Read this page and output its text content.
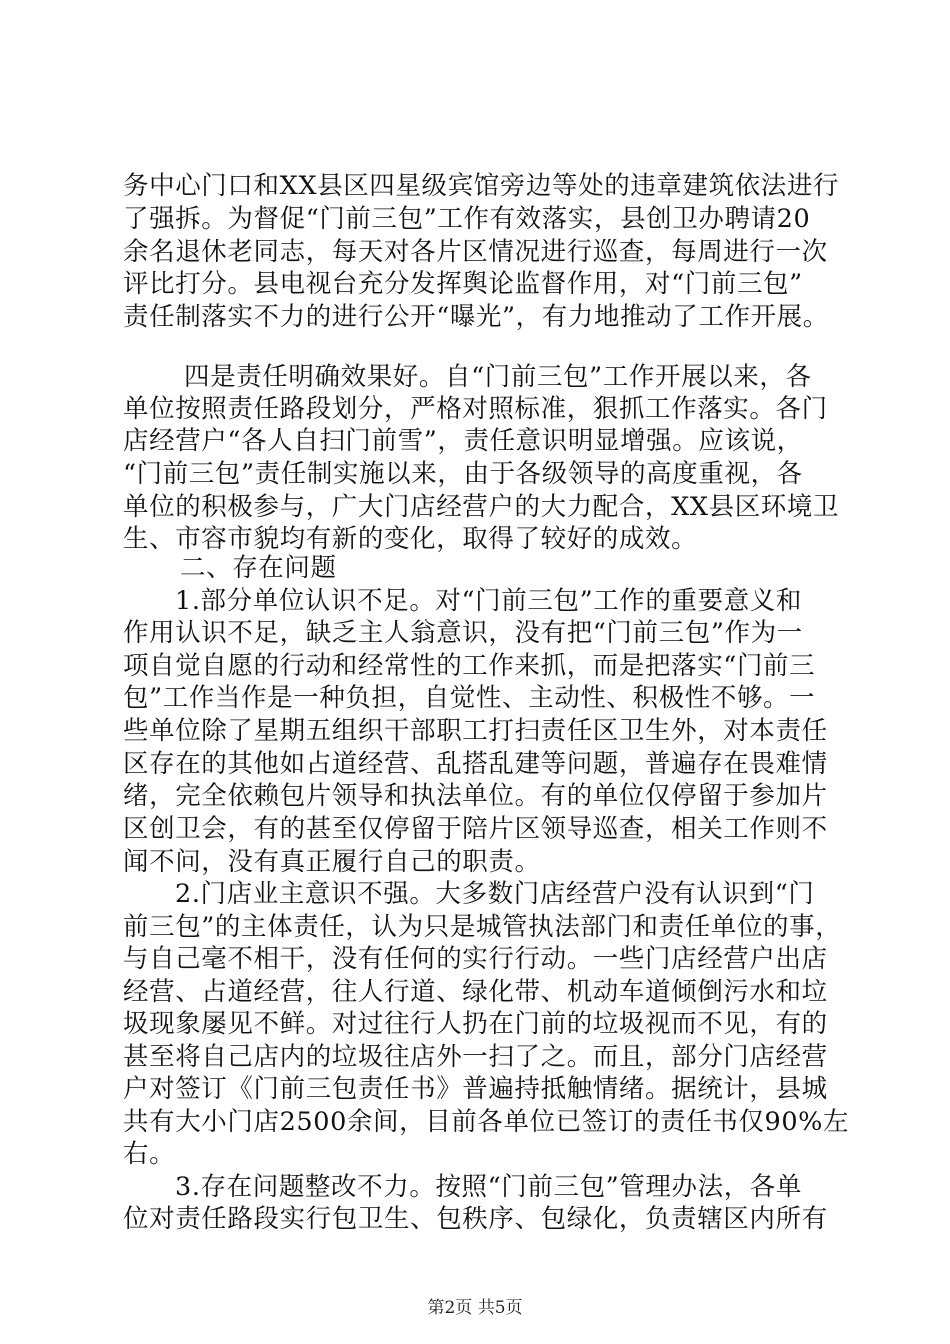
务中心门口和XX县区四星级宾馆旁边等处的违章建筑依法进行
了强拆。为督促“门前三包”工作有效落实，县创卫办聘请20
余名退休老同志，每天对各片区情况进行巡查，每周进行一次
评比打分。县电视台充分发挥舆论监督作用，对“门前三包”
责任制落实不力的进行公开“曝光”，有力地推动了工作开展。
四是责任明确效果好。自“门前三包”工作开展以来，各
单位按照责任路段划分，严格对照标准，狠抓工作落实。各门
店经营户“各人自扫门前雪”，责任意识明显增强。应该说，
“门前三包”责任制实施以来，由于各级领导的高度重视，各
单位的积极参与，广大门店经营户的大力配合，XX县区环境卫
生、市容市貌均有新的变化，取得了较好的成效。
二、存在问题
1.部分单位认识不足。对“门前三包”工作的重要意义和
作用认识不足，缺乏主人翁意识，没有把“门前三包”作为一
项自觉自愿的行动和经常性的工作来抓，而是把落实“门前三
包”工作当作是一种负担，自觉性、主动性、积极性不够。一
些单位除了星期五组织干部职工打扫责任区卫生外，对本责任
区存在的其他如占道经营、乱搭乱建等问题，普遍存在畏难情
绪，完全依赖包片领导和执法单位。有的单位仅停留于参加片
区创卫会，有的甚至仅停留于陪片区领导巡查，相关工作则不
闻不问，没有真正履行自己的职责。
2.门店业主意识不强。大多数门店经营户没有认识到“门
前三包”的主体责任，认为只是城管执法部门和责任单位的事，
与自己毫不相干，没有任何的实行行动。一些门店经营户出店
经营、占道经营，往人行道、绿化带、机动车道倾倒污水和垃
圾现象屡见不鲜。对过往行人扔在门前的垃圾视而不见，有的
甚至将自己店内的垃圾往店外一扫了之。而且，部分门店经营
户对签订《门前三包责任书》普遍持抵触情绪。据统计，县城
共有大小门店2500余间，目前各单位已签订的责任书仅90%左
右。
3.存在问题整改不力。按照“门前三包”管理办法，各单
位对责任路段实行包卫生、包秩序、包绿化，负责辖区内所有
第2页 共5页
